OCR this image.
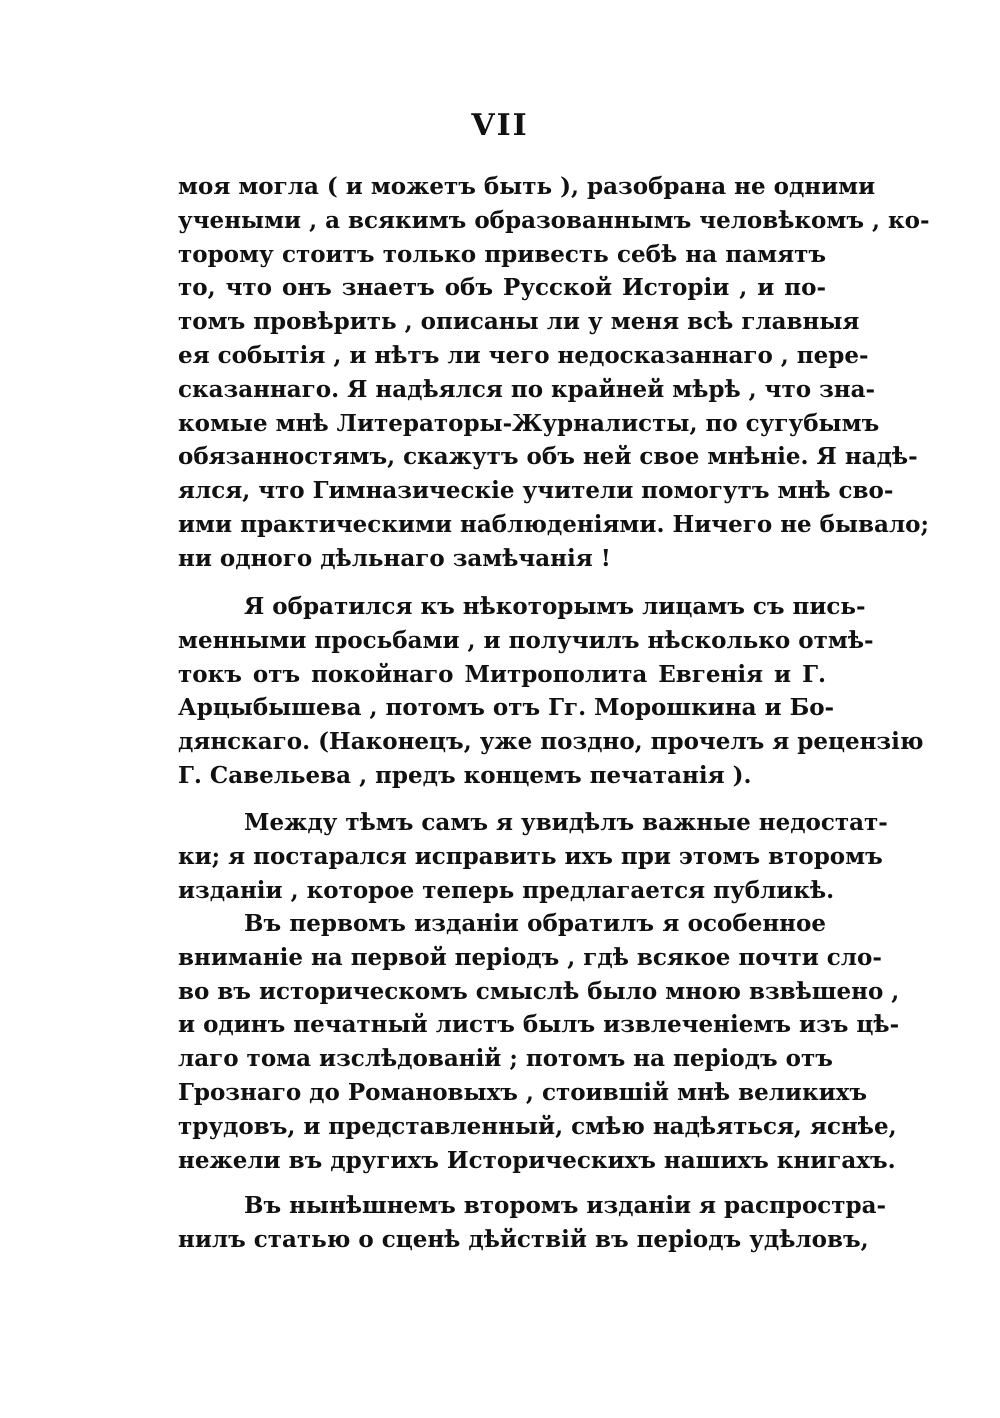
VII
моя могла ( и можетъ быть ), разобрана не одними
учеными , а всякимъ образованнымъ человѣкомъ , ко-
торому стоитъ только привесть себѣ на памятъ
то, что онъ знаетъ объ Русской Исторiи , и по-
томъ провѣрить , описаны ли у меня всѣ главныя
ея событiя , и нѣтъ ли чего недосказаннаго , пере-
сказаннаго. Я надѣялся по крайней мѣрѣ , что зна-
комые мнѣ Литераторы-Журналисты, по сугубымъ
обязанностямъ, скажутъ объ ней свое мнѣнiе. Я надѣ-
ялся, что Гимназическiе учители помогутъ мнѣ сво-
ими практическими наблюденiями. Ничего не бывало;
ни одного дѣльнаго замѣчанiя !
Я обратился къ нѣкоторымъ лицамъ съ пись-
менными просьбами , и получилъ нѣсколько отмѣ-
токъ отъ покойнаго Митрополита Евгенiя и Г.
Арцыбышева , потомъ отъ Гг. Морошкина и Бо-
дянскаго. (Наконецъ, уже поздно, прочелъ я рецензiю
Г. Савельева , предъ концемъ печатанiя ).
Между тѣмъ самъ я увидѣлъ важные недостат-
ки; я постарался исправить ихъ при этомъ второмъ
изданiи , которое теперь предлагается публикѣ.
Въ первомъ изданiи обратилъ я особенное
вниманiе на первой перiодъ , гдѣ всякое почти сло-
во въ историческомъ смыслѣ было мною взвѣшено ,
и одинъ печатный листъ былъ извлеченiемъ изъ цѣ-
лаго тома изслѣдованiй ; потомъ на перiодъ отъ
Грознаго до Романовыхъ , стоившiй мнѣ великихъ
трудовъ, и представленный, смѣю надѣяться, яснѣе,
нежели въ другихъ Историческихъ нашихъ книгахъ.
Въ нынѣшнемъ второмъ изданiи я распростра-
нилъ статью о сценѣ дѣйствiй въ перiодъ удѣловъ,
